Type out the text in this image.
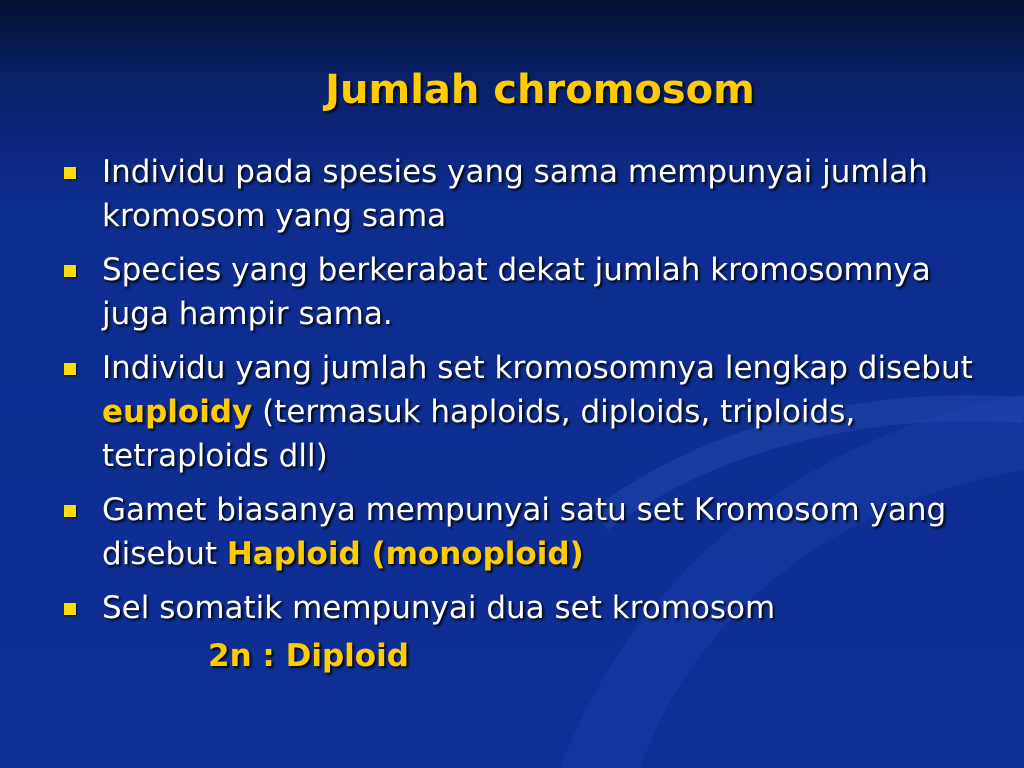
Jumlah chromosom
Individu pada spesies yang sama mempunyai jumlah kromosom yang sama
Species yang berkerabat dekat jumlah kromosomnya juga hampir sama.
Individu yang jumlah set kromosomnya lengkap disebut euploidy (termasuk haploids, diploids, triploids, tetraploids dll)
Gamet biasanya mempunyai satu set Kromosom yang disebut Haploid (monoploid)
Sel somatik mempunyai dua set kromosom
2n : Diploid
